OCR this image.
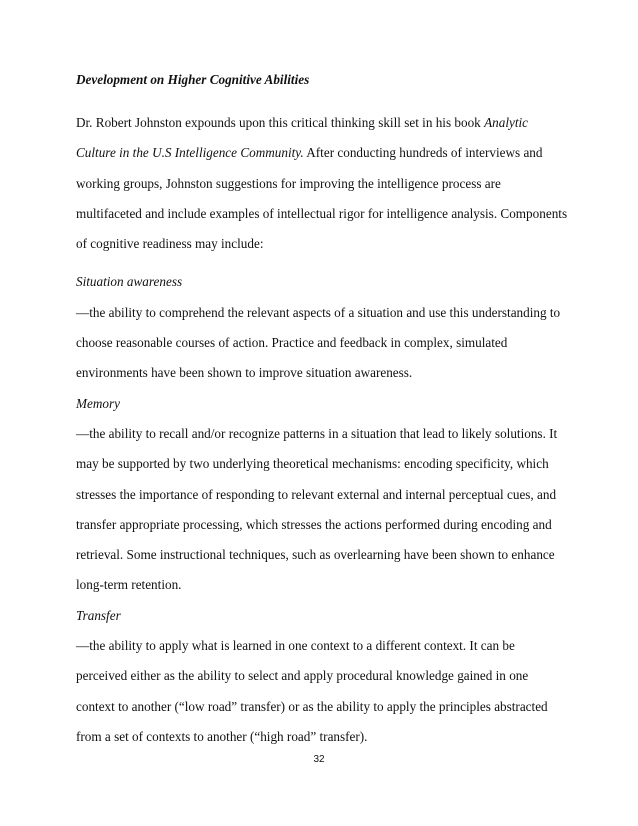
Development on Higher Cognitive Abilities

Dr. Robert Johnston expounds upon this critical thinking skill set in his book Analytic Culture in the U.S Intelligence Community. After conducting hundreds of interviews and working groups, Johnston suggestions for improving the intelligence process are multifaceted and include examples of intellectual rigor for intelligence analysis. Components of cognitive readiness may include:

Situation awareness

—the ability to comprehend the relevant aspects of a situation and use this understanding to choose reasonable courses of action. Practice and feedback in complex, simulated environments have been shown to improve situation awareness.

Memory

—the ability to recall and/or recognize patterns in a situation that lead to likely solutions. It may be supported by two underlying theoretical mechanisms: encoding specificity, which stresses the importance of responding to relevant external and internal perceptual cues, and transfer appropriate processing, which stresses the actions performed during encoding and retrieval. Some instructional techniques, such as overlearning have been shown to enhance long-term retention.

Transfer

—the ability to apply what is learned in one context to a different context. It can be perceived either as the ability to select and apply procedural knowledge gained in one context to another (“low road” transfer) or as the ability to apply the principles abstracted from a set of contexts to another (“high road” transfer).

32
